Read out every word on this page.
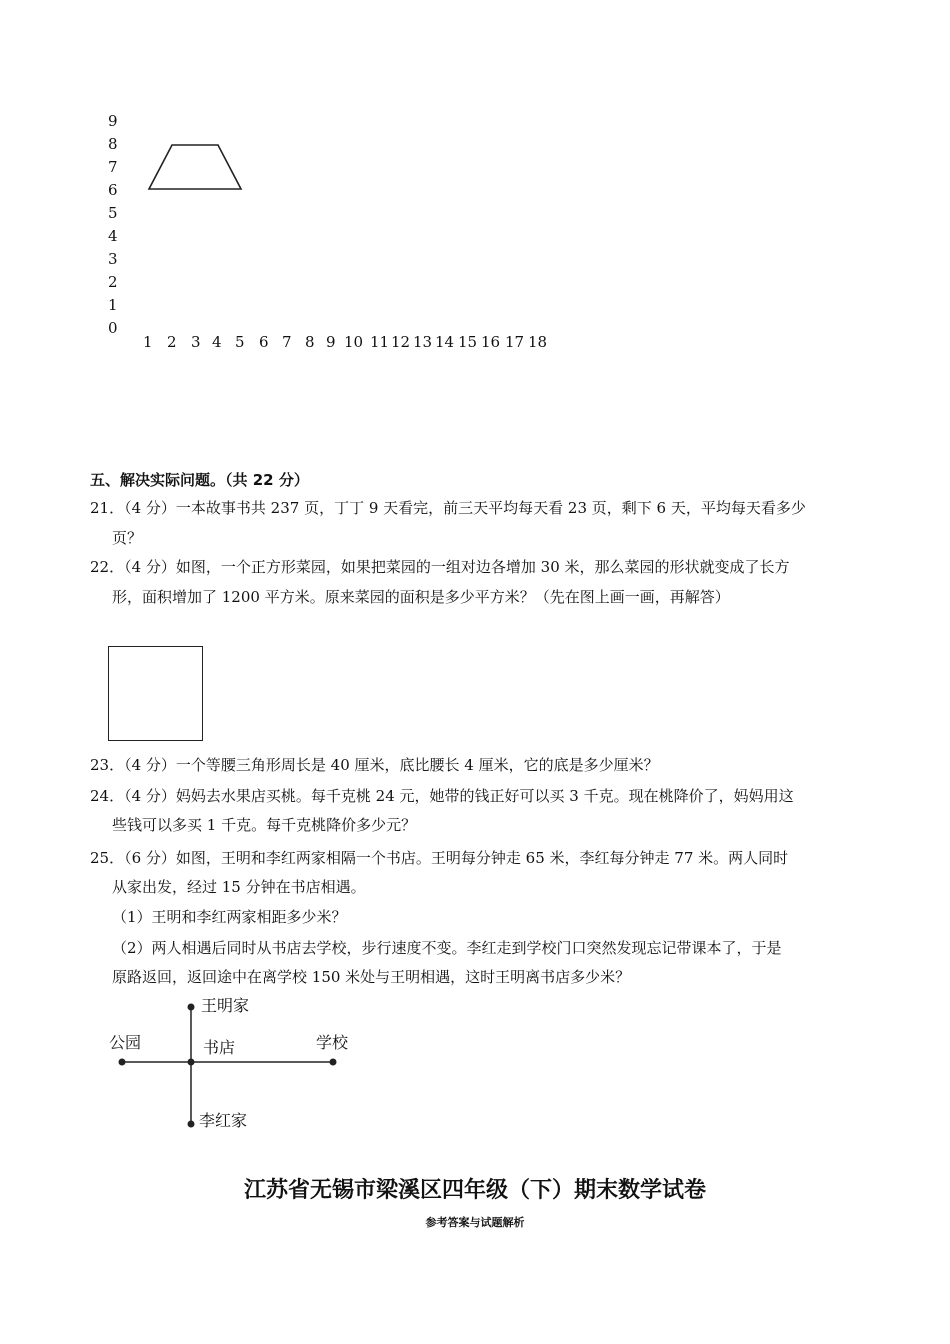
9
8
7
6
5
4
3
2
1
0
1 2 3 4 5 6 7 8 9 10 11 12 13 14 15 16 17 18
五、解决实际问题。（共 22 分）
21．（4 分）一本故事书共 237 页，丁丁 9 天看完，前三天平均每天看 23 页，剩下 6 天，平均每天看多少
页？
22．（4 分）如图，一个正方形菜园，如果把菜园的一组对边各增加 30 米，那么菜园的形状就变成了长方
形，面积增加了 1200 平方米。原来菜园的面积是多少平方米？（先在图上画一画，再解答）
23．（4 分）一个等腰三角形周长是 40 厘米，底比腰长 4 厘米，它的底是多少厘米？
24．（4 分）妈妈去水果店买桃。每千克桃 24 元，她带的钱正好可以买 3 千克。现在桃降价了，妈妈用这
些钱可以多买 1 千克。每千克桃降价多少元？
25．（6 分）如图，王明和李红两家相隔一个书店。王明每分钟走 65 米，李红每分钟走 77 米。两人同时
从家出发，经过 15 分钟在书店相遇。
（1）王明和李红两家相距多少米？
（2）两人相遇后同时从书店去学校，步行速度不变。李红走到学校门口突然发现忘记带课本了，于是
原路返回，返回途中在离学校 150 米处与王明相遇，这时王明离书店多少米？
王明家
公园	书店	学校
李红家
江苏省无锡市梁溪区四年级（下）期末数学试卷
参考答案与试题解析
